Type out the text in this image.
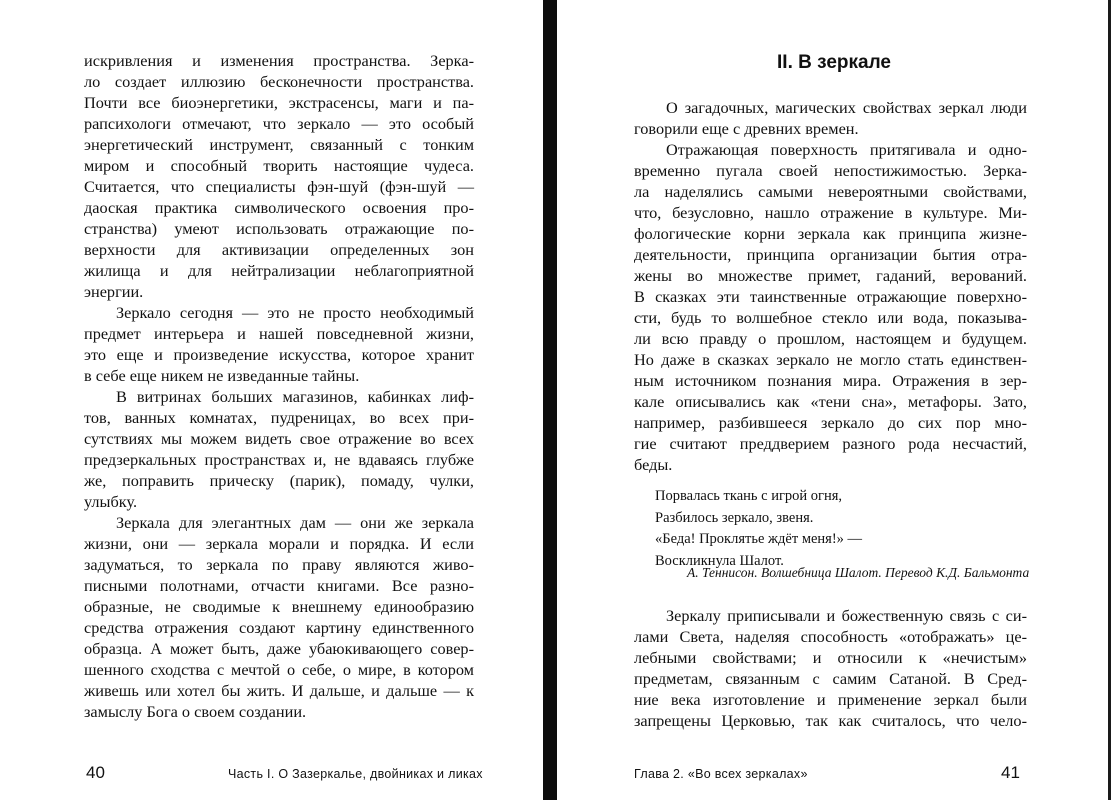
искривления и изменения пространства. Зерка-
ло создает иллюзию бесконечности пространства.
Почти все биоэнергетики, экстрасенсы, маги и па-
рапсихологи отмечают, что зеркало — это особый
энергетический инструмент, связанный с тонким
миром и способный творить настоящие чудеса.
Считается, что специалисты фэн-шуй (фэн-шуй —
даоская практика символического освоения про-
странства) умеют использовать отражающие по-
верхности для активизации определенных зон
жилища и для нейтрализации неблагоприятной
энергии.
Зеркало сегодня — это не просто необходимый
предмет интерьера и нашей повседневной жизни,
это еще и произведение искусства, которое хранит
в себе еще никем не изведанные тайны.
В витринах больших магазинов, кабинках лиф-
тов, ванных комнатах, пудреницах, во всех при-
сутствиях мы можем видеть свое отражение во всех
предзеркальных пространствах и, не вдаваясь глубже
же, поправить прическу (парик), помаду, чулки,
улыбку.
Зеркала для элегантных дам — они же зеркала
жизни, они — зеркала морали и порядка. И если
задуматься, то зеркала по праву являются живо-
писными полотнами, отчасти книгами. Все разно-
образные, не сводимые к внешнему единообразию
средства отражения создают картину единственного
образца. А может быть, даже убаюкивающего совер-
шенного сходства с мечтой о себе, о мире, в котором
живешь или хотел бы жить. И дальше, и дальше — к
замыслу Бога о своем создании.
40	Часть I. О Зазеркалье, двойниках и ликах
II. В зеркале
О загадочных, магических свойствах зеркал люди
говорили еще с древних времен.
Отражающая поверхность притягивала и одно-
временно пугала своей непостижимостью. Зерка-
ла наделялись самыми невероятными свойствами,
что, безусловно, нашло отражение в культуре. Ми-
фологические корни зеркала как принципа жизне-
деятельности, принципа организации бытия отра-
жены во множестве примет, гаданий, верований.
В сказках эти таинственные отражающие поверхно-
сти, будь то волшебное стекло или вода, показыва-
ли всю правду о прошлом, настоящем и будущем.
Но даже в сказках зеркало не могло стать единствен-
ным источником познания мира. Отражения в зер-
кале описывались как «тени сна», метафоры. Зато,
например, разбившееся зеркало до сих пор мно-
гие считают преддверием разного рода несчастий,
беды.
Порвалась ткань с игрой огня,
Разбилось зеркало, звеня.
«Беда! Проклятье ждёт меня!» —
Воскликнула Шалот.
А. Теннисон. Волшебница Шалот. Перевод К.Д. Бальмонта
Зеркалу приписывали и божественную связь с си-
лами Света, наделяя способность «отображать» це-
лебными свойствами; и относили к «нечистым»
предметам, связанным с самим Сатаной. В Сред-
ние века изготовление и применение зеркал были
запрещены Церковью, так как считалось, что чело-
Глава 2. «Во всех зеркалах»	41
